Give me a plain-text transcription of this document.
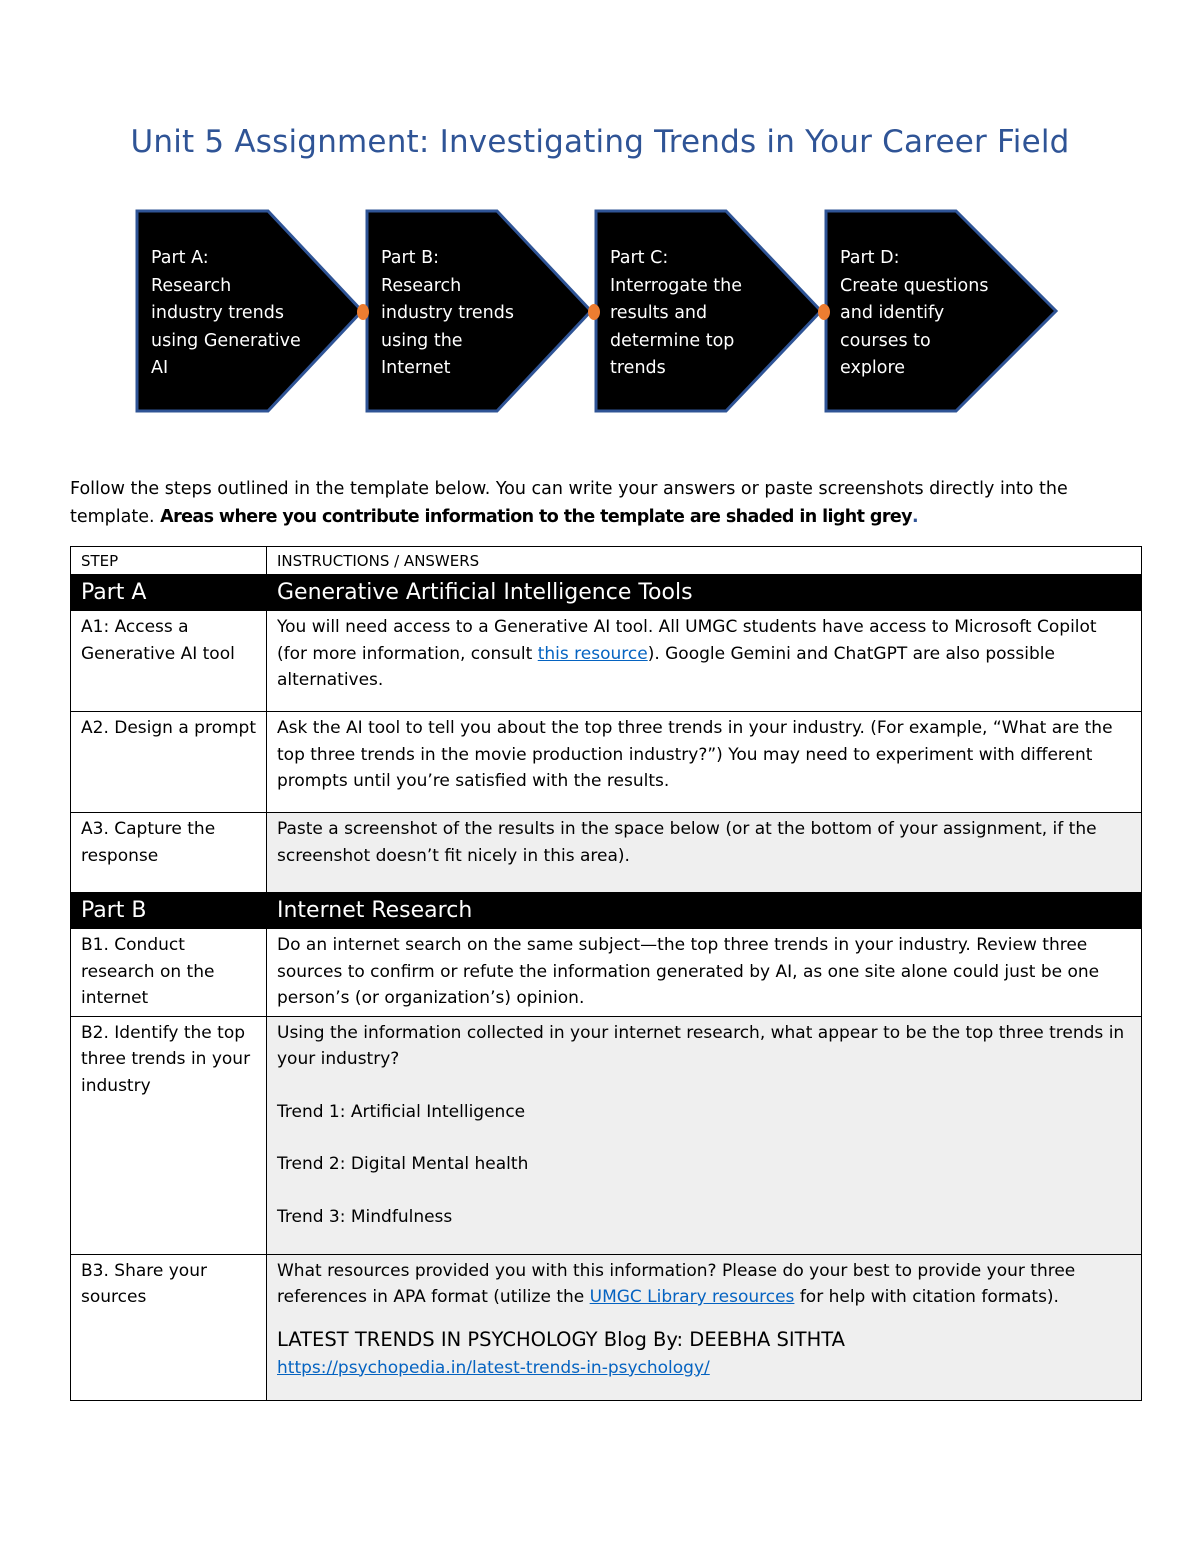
Unit 5 Assignment: Investigating Trends in Your Career Field
Part A:
Research
industry trends
using Generative
AI
Part B:
Research
industry trends
using the
Internet
Part C:
Interrogate the
results and
determine top
trends
Part D:
Create questions
and identify
courses to
explore
Follow the steps outlined in the template below. You can write your answers or paste screenshots directly into the template. Areas where you contribute information to the template are shaded in light grey.
STEP	INSTRUCTIONS / ANSWERS
Part A	Generative Artificial Intelligence Tools
A1: Access a Generative AI tool	You will need access to a Generative AI tool. All UMGC students have access to Microsoft Copilot (for more information, consult this resource). Google Gemini and ChatGPT are also possible alternatives.
A2. Design a prompt	Ask the AI tool to tell you about the top three trends in your industry. (For example, “What are the top three trends in the movie production industry?”) You may need to experiment with different prompts until you’re satisfied with the results.
A3. Capture the response	Paste a screenshot of the results in the space below (or at the bottom of your assignment, if the screenshot doesn’t fit nicely in this area).
Part B	Internet Research
B1. Conduct research on the internet	Do an internet search on the same subject—the top three trends in your industry. Review three sources to confirm or refute the information generated by AI, as one site alone could just be one person’s (or organization’s) opinion.
B2. Identify the top three trends in your industry	Using the information collected in your internet research, what appear to be the top three trends in your industry?

Trend 1: Artificial Intelligence

Trend 2: Digital Mental health

Trend 3: Mindfulness

B3. Share your sources	What resources provided you with this information? Please do your best to provide your three references in APA format (utilize the UMGC Library resources for help with citation formats).

LATEST TRENDS IN PSYCHOLOGY Blog By: DEEBHA SITHTA

https://psychopedia.in/latest-trends-in-psychology/
